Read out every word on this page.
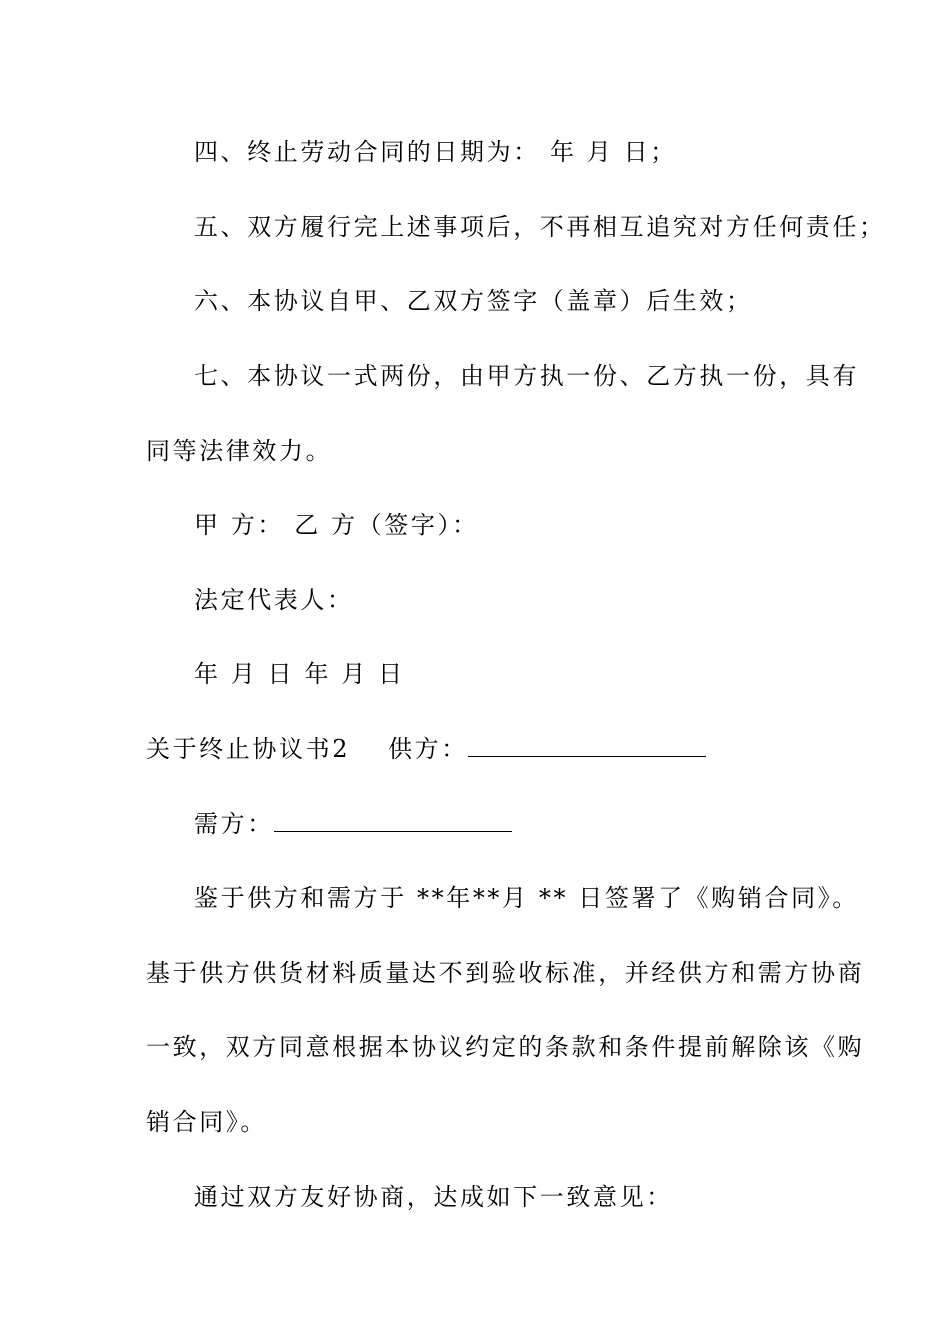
四、终止劳动合同的日期为： 年 月 日；
五、双方履行完上述事项后，不再相互追究对方任何责任；
六、本协议自甲、乙双方签字（盖章）后生效；
七、本协议一式两份，由甲方执一份、乙方执一份，具有
同等法律效力。
甲 方： 乙 方（签字）：
法定代表人：
年 月 日 年 月 日
关于终止协议书2 供方：
需方：
鉴于供方和需方于 **年**月 ** 日签署了《购销合同》。
基于供方供货材料质量达不到验收标准，并经供方和需方协商
一致，双方同意根据本协议约定的条款和条件提前解除该《购
销合同》。
通过双方友好协商，达成如下一致意见：
